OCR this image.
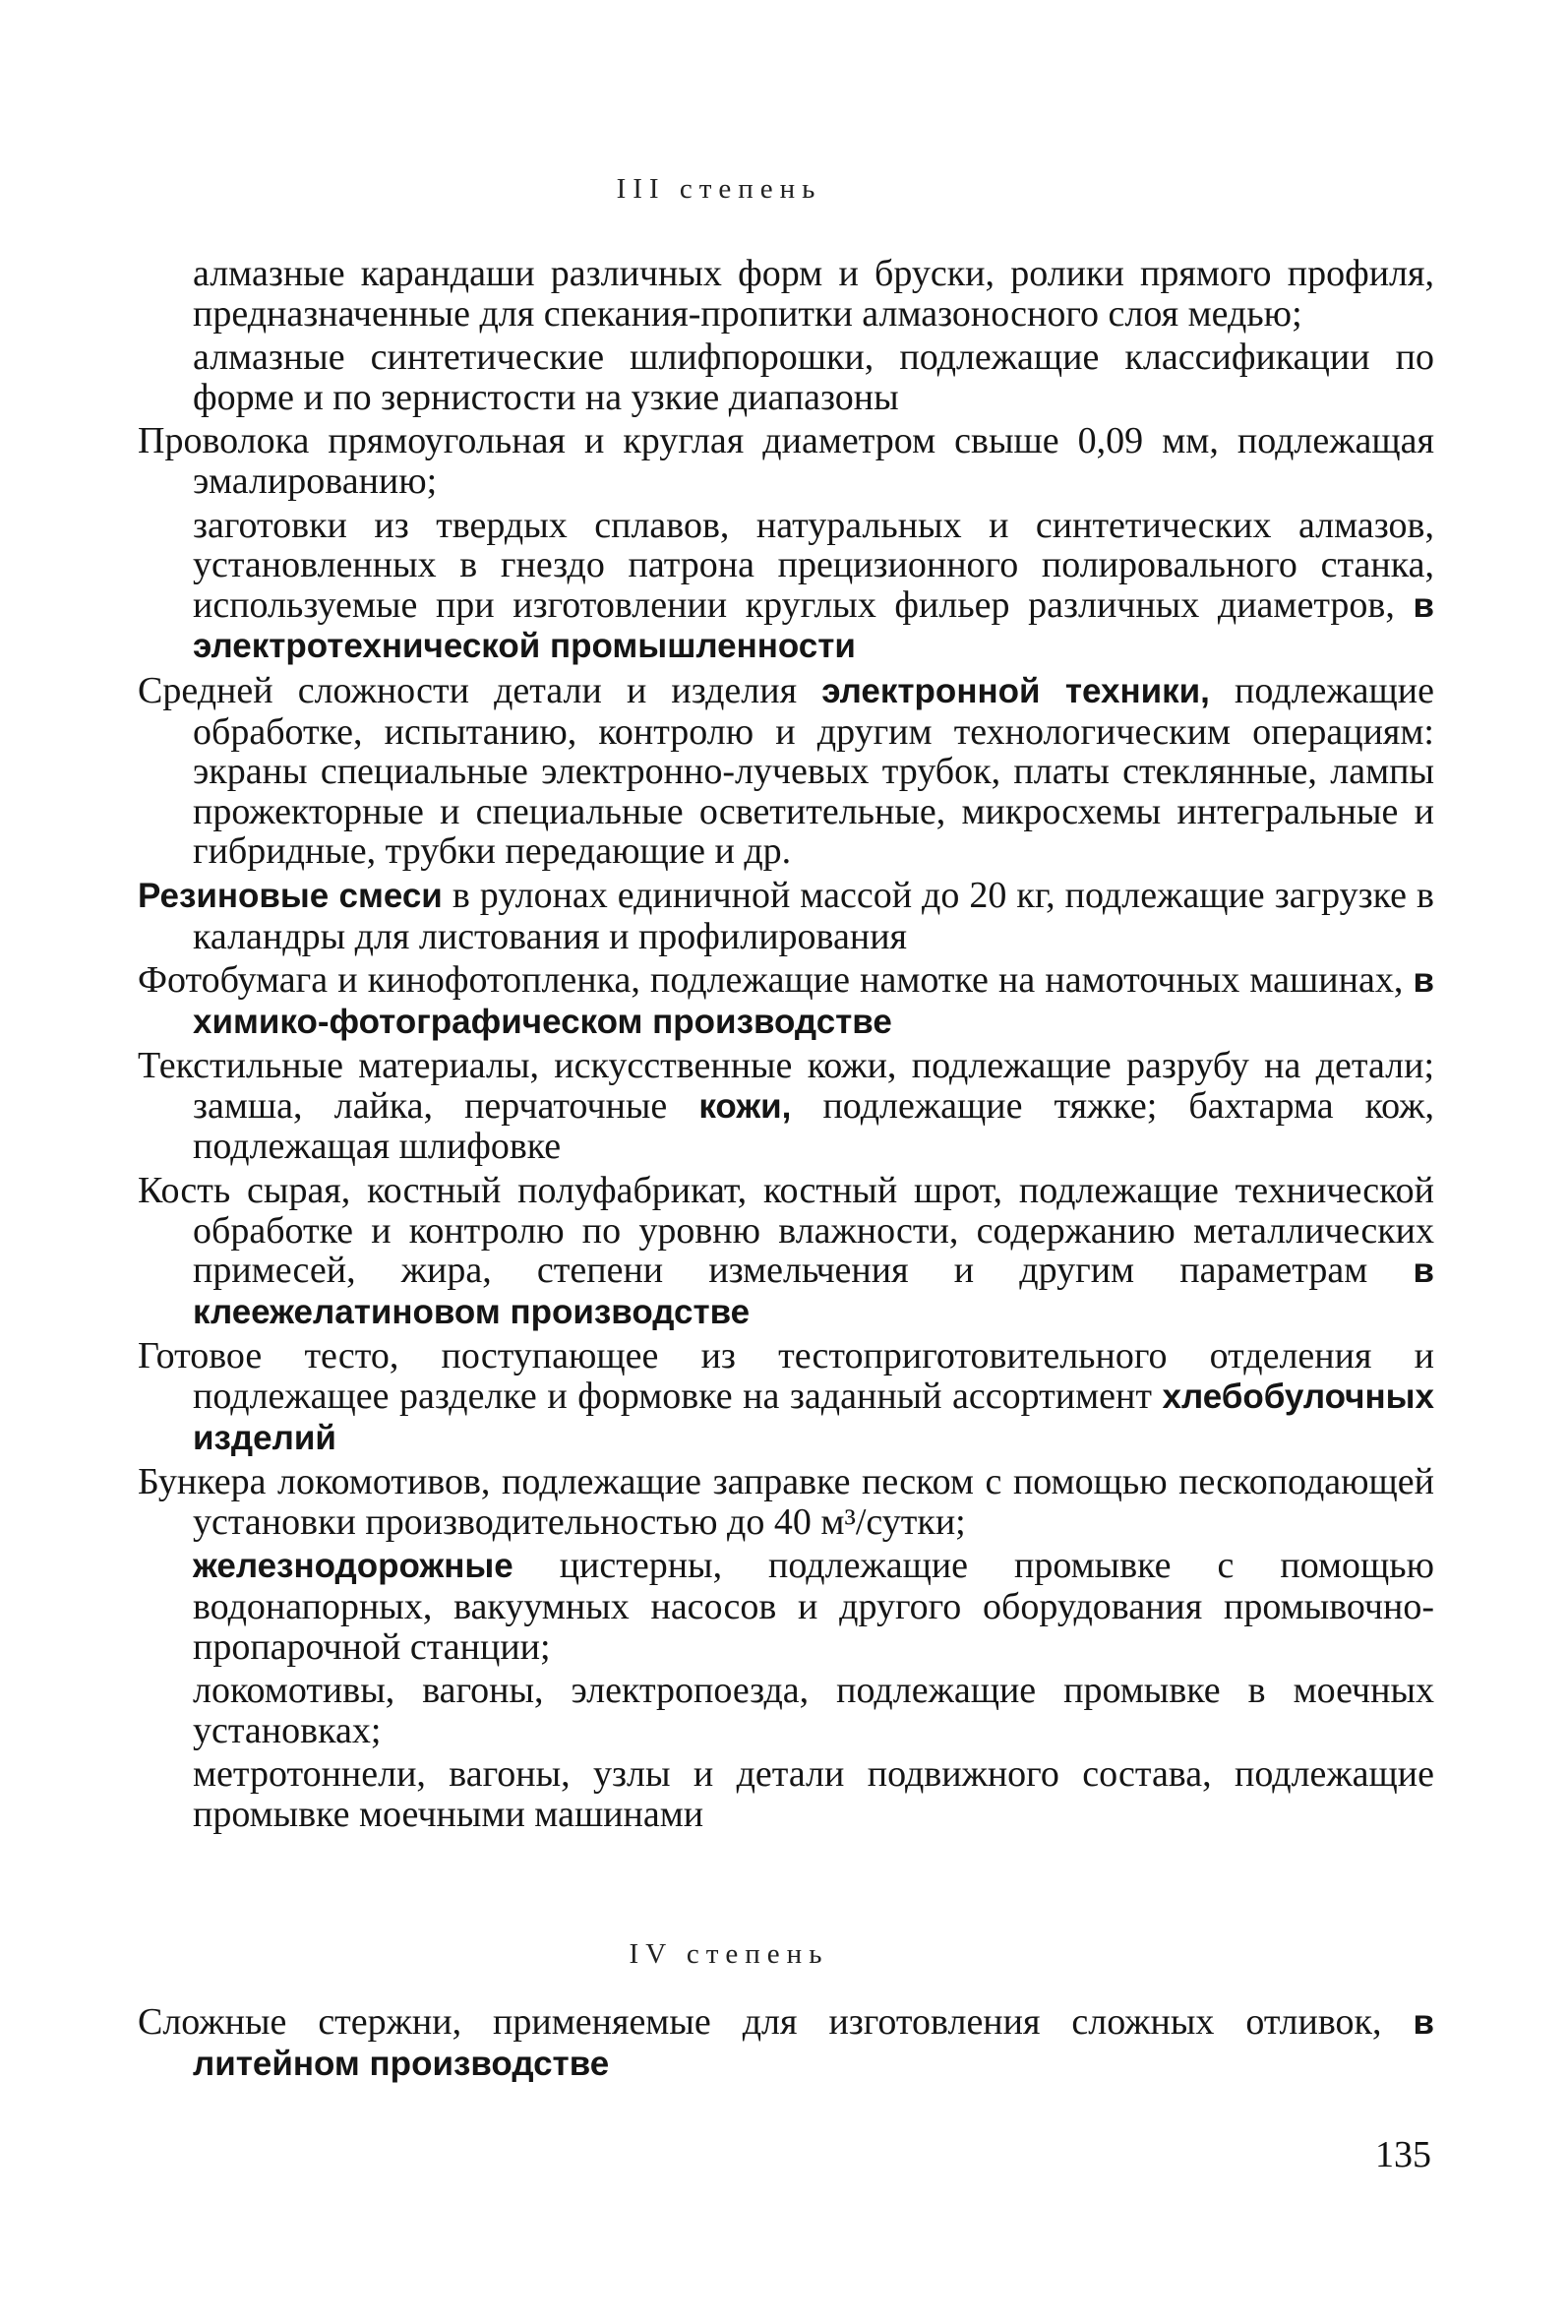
III степень

алмазные карандаши различных форм и бруски, ролики прямого профиля, предназначенные для спекания-пропитки алмазоносного слоя медью;

алмазные синтетические шлифпорошки, подлежащие классификации по форме и по зернистости на узкие диапазоны

Проволока прямоугольная и круглая диаметром свыше 0,09 мм, подлежащая эмалированию;

заготовки из твердых сплавов, натуральных и синтетических алмазов, установленных в гнездо патрона прецизионного полировального станка, используемые при изготовлении круглых фильер различных диаметров, в электротехнической промышленности

Средней сложности детали и изделия электронной техники, подлежащие обработке, испытанию, контролю и другим технологическим операциям: экраны специальные электронно-лучевых трубок, платы стеклянные, лампы прожекторные и специальные осветительные, микросхемы интегральные и гибридные, трубки передающие и др.

Резиновые смеси в рулонах единичной массой до 20 кг, подлежащие загрузке в каландры для листования и профилирования

Фотобумага и кинофотопленка, подлежащие намотке на намоточных машинах, в химико-фотографическом производстве

Текстильные материалы, искусственные кожи, подлежащие разрубу на детали; замша, лайка, перчаточные кожи, подлежащие тяжке; бахтарма кож, подлежащая шлифовке

Кость сырая, костный полуфабрикат, костный шрот, подлежащие технической обработке и контролю по уровню влажности, содержанию металлических примесей, жира, степени измельчения и другим параметрам в клеежелатиновом производстве

Готовое тесто, поступающее из тестоприготовительного отделения и подлежащее разделке и формовке на заданный ассортимент хлебобулочных изделий

Бункера локомотивов, подлежащие заправке песком с помощью пескоподающей установки производительностью до 40 м³/сутки;

железнодорожные цистерны, подлежащие промывке с помощью водонапорных, вакуумных насосов и другого оборудования промывочно-пропарочной станции;

локомотивы, вагоны, электропоезда, подлежащие промывке в моечных установках;

метротоннели, вагоны, узлы и детали подвижного состава, подлежащие промывке моечными машинами

IV степень

Сложные стержни, применяемые для изготовления сложных отливок, в литейном производстве

135
